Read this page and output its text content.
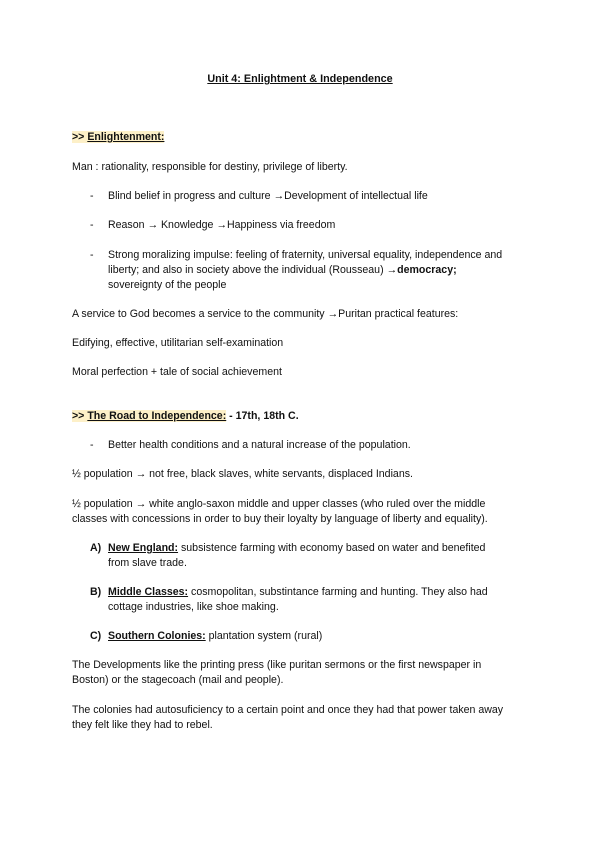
Unit 4: Enlightment & Independence
>> Enlightenment:
Man : rationality, responsible for destiny, privilege of liberty.
- Blind belief in progress and culture →Development of intellectual life
- Reason → Knowledge →Happiness via freedom
- Strong moralizing impulse: feeling of fraternity, universal equality, independence and
liberty; and also in society above the individual (Rousseau) →democracy;
sovereignty of the people
A service to God becomes a service to the community →Puritan practical features:
Edifying, effective, utilitarian self-examination
Moral perfection + tale of social achievement
>> The Road to Independence: - 17th, 18th C.
- Better health conditions and a natural increase of the population.
½ population → not free, black slaves, white servants, displaced Indians.
½ population → white anglo-saxon middle and upper classes (who ruled over the middle
classes with concessions in order to buy their loyalty by language of liberty and equality).
A) New England: subsistence farming with economy based on water and benefited
from slave trade.
B) Middle Classes: cosmopolitan, substintance farming and hunting. They also had
cottage industries, like shoe making.
C) Southern Colonies: plantation system (rural)
The Developments like the printing press (like puritan sermons or the first newspaper in
Boston) or the stagecoach (mail and people).
The colonies had autosuficiency to a certain point and once they had that power taken away
they felt like they had to rebel.
